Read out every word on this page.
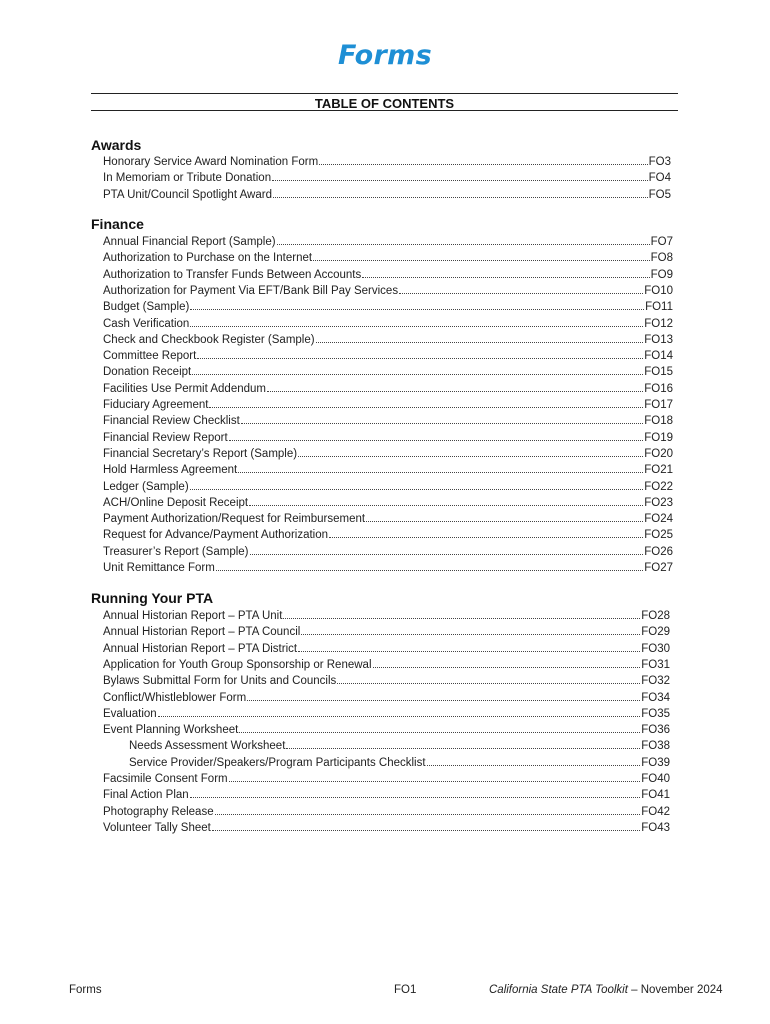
Forms
TABLE OF CONTENTS
Awards
Honorary Service Award Nomination Form	FO3
In Memoriam or Tribute Donation	FO4
PTA Unit/Council Spotlight Award	FO5
Finance
Annual Financial Report (Sample)	FO7
Authorization to Purchase on the Internet	FO8
Authorization to Transfer Funds Between Accounts	FO9
Authorization for Payment Via EFT/Bank Bill Pay Services	FO10
Budget (Sample)	FO11
Cash Verification	FO12
Check and Checkbook Register (Sample)	FO13
Committee Report	FO14
Donation Receipt	FO15
Facilities Use Permit Addendum	FO16
Fiduciary Agreement	FO17
Financial Review Checklist	FO18
Financial Review Report	FO19
Financial Secretary’s Report (Sample)	FO20
Hold Harmless Agreement	FO21
Ledger (Sample)	FO22
ACH/Online Deposit Receipt	FO23
Payment Authorization/Request for Reimbursement	FO24
Request for Advance/Payment Authorization	FO25
Treasurer’s Report (Sample)	FO26
Unit Remittance Form	FO27
Running Your PTA
Annual Historian Report – PTA Unit	FO28
Annual Historian Report – PTA Council	FO29
Annual Historian Report – PTA District	FO30
Application for Youth Group Sponsorship or Renewal	FO31
Bylaws Submittal Form for Units and Councils	FO32
Conflict/Whistleblower Form	FO34
Evaluation	FO35
Event Planning Worksheet	FO36
Needs Assessment Worksheet	FO38
Service Provider/Speakers/Program Participants Checklist	FO39
Facsimile Consent Form	FO40
Final Action Plan	FO41
Photography Release	FO42
Volunteer Tally Sheet	FO43
Forms	FO1	California State PTA Toolkit – November 2024
